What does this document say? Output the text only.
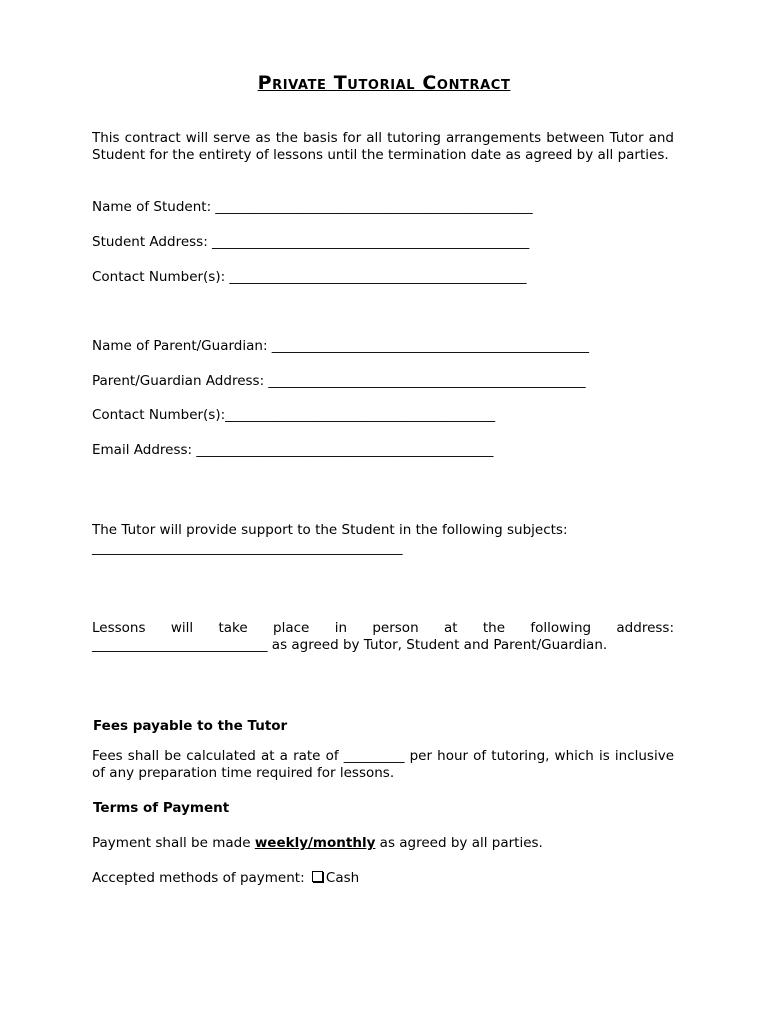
Private Tutorial Contract
This contract will serve as the basis for all tutoring arrangements between Tutor and Student for the entirety of lessons until the termination date as agreed by all parties.
Name of Student: _______________________________________________
Student Address: _______________________________________________
Contact Number(s): ____________________________________________
Name of Parent/Guardian: _______________________________________________
Parent/Guardian Address: _______________________________________________
Contact Number(s):________________________________________
Email Address: ____________________________________________
The Tutor will provide support to the Student in the following subjects:
______________________________________________
Lessons will take place in person at the following address:
__________________________ as agreed by Tutor, Student and Parent/Guardian.
Fees payable to the Tutor
Fees shall be calculated at a rate of _________ per hour of tutoring, which is inclusive of any preparation time required for lessons.
Terms of Payment
Payment shall be made weekly/monthly as agreed by all parties.
Accepted methods of payment: Cash
